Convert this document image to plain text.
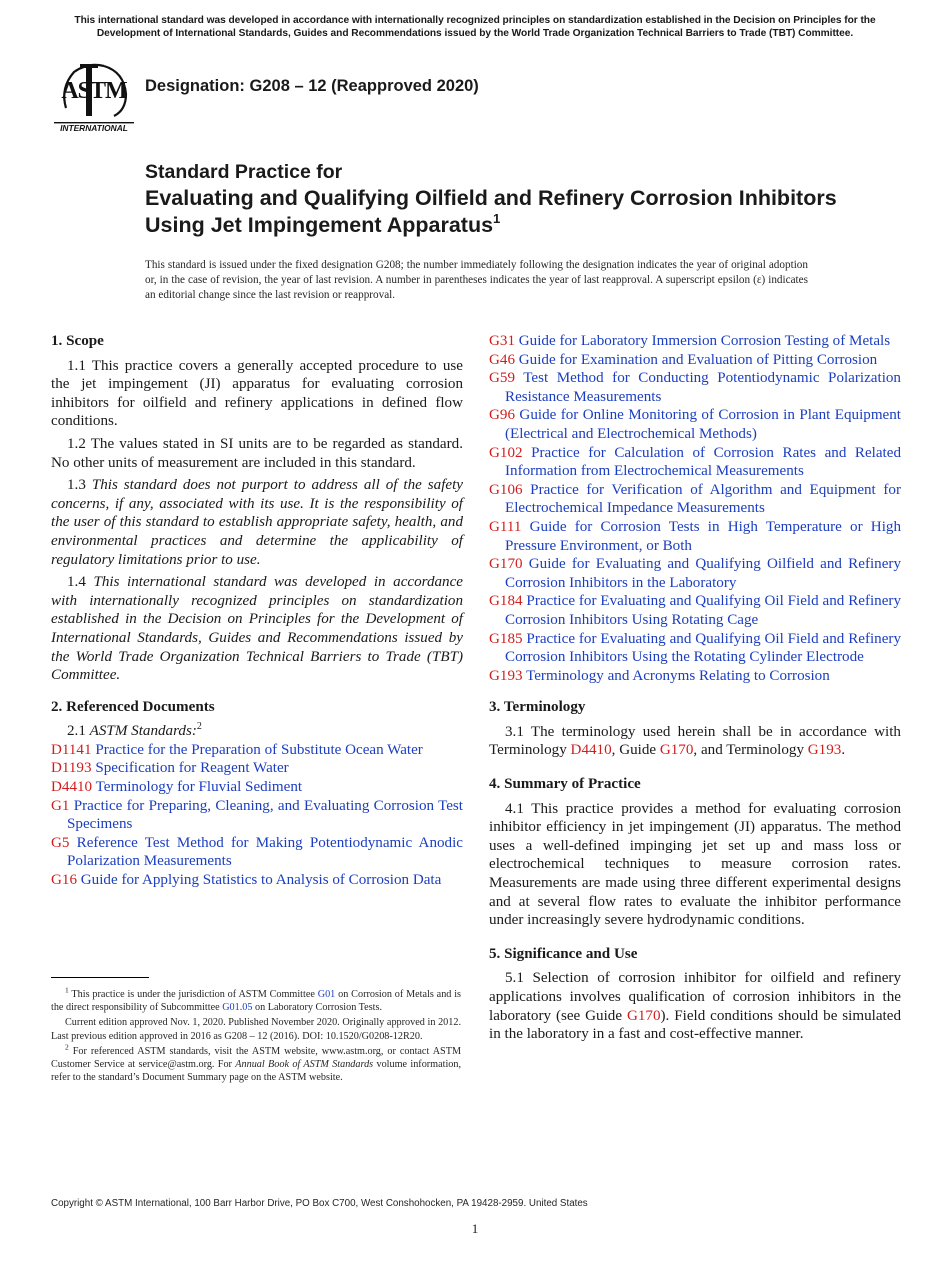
This international standard was developed in accordance with internationally recognized principles on standardization established in the Decision on Principles for the Development of International Standards, Guides and Recommendations issued by the World Trade Organization Technical Barriers to Trade (TBT) Committee.
ASTM
INTERNATIONAL
Designation: G208 – 12 (Reapproved 2020)
Standard Practice for
Evaluating and Qualifying Oilfield and Refinery Corrosion Inhibitors Using Jet Impingement Apparatus$^1$
This standard is issued under the fixed designation G208; the number immediately following the designation indicates the year of original adoption or, in the case of revision, the year of last revision. A number in parentheses indicates the year of last reapproval. A superscript epsilon (ε) indicates an editorial change since the last revision or reapproval.
1. Scope

1.1 This practice covers a generally accepted procedure to use the jet impingement (JI) apparatus for evaluating corrosion inhibitors for oilfield and refinery applications in defined flow conditions.

1.2 The values stated in SI units are to be regarded as standard. No other units of measurement are included in this standard.

1.3 This standard does not purport to address all of the safety concerns, if any, associated with its use. It is the responsibility of the user of this standard to establish appropriate safety, health, and environmental practices and determine the applicability of regulatory limitations prior to use.

1.4 This international standard was developed in accordance with internationally recognized principles on standardization established in the Decision on Principles for the Development of International Standards, Guides and Recommendations issued by the World Trade Organization Technical Barriers to Trade (TBT) Committee.

2. Referenced Documents

2.1 ASTM Standards:$^2$

D1141 Practice for the Preparation of Substitute Ocean Water

D1193 Specification for Reagent Water

D4410 Terminology for Fluvial Sediment

G1 Practice for Preparing, Cleaning, and Evaluating Corrosion Test Specimens

G5 Reference Test Method for Making Potentiodynamic Anodic Polarization Measurements

G16 Guide for Applying Statistics to Analysis of Corrosion Data

$^1$ This practice is under the jurisdiction of ASTM Committee G01 on Corrosion of Metals and is the direct responsibility of Subcommittee G01.05 on Laboratory Corrosion Tests.

Current edition approved Nov. 1, 2020. Published November 2020. Originally approved in 2012. Last previous edition approved in 2016 as G208 – 12 (2016). DOI: 10.1520/G0208-12R20.

$^2$ For referenced ASTM standards, visit the ASTM website, www.astm.org, or contact ASTM Customer Service at service@astm.org. For Annual Book of ASTM Standards volume information, refer to the standard’s Document Summary page on the ASTM website.

G31 Guide for Laboratory Immersion Corrosion Testing of Metals

G46 Guide for Examination and Evaluation of Pitting Corrosion

G59 Test Method for Conducting Potentiodynamic Polarization Resistance Measurements

G96 Guide for Online Monitoring of Corrosion in Plant Equipment (Electrical and Electrochemical Methods)

G102 Practice for Calculation of Corrosion Rates and Related Information from Electrochemical Measurements

G106 Practice for Verification of Algorithm and Equipment for Electrochemical Impedance Measurements

G111 Guide for Corrosion Tests in High Temperature or High Pressure Environment, or Both

G170 Guide for Evaluating and Qualifying Oilfield and Refinery Corrosion Inhibitors in the Laboratory

G184 Practice for Evaluating and Qualifying Oil Field and Refinery Corrosion Inhibitors Using Rotating Cage

G185 Practice for Evaluating and Qualifying Oil Field and Refinery Corrosion Inhibitors Using the Rotating Cylinder Electrode

G193 Terminology and Acronyms Relating to Corrosion

3. Terminology

3.1 The terminology used herein shall be in accordance with Terminology D4410, Guide G170, and Terminology G193.

4. Summary of Practice

4.1 This practice provides a method for evaluating corrosion inhibitor efficiency in jet impingement (JI) apparatus. The method uses a well-defined impinging jet set up and mass loss or electrochemical techniques to measure corrosion rates. Measurements are made using three different experimental designs and at several flow rates to evaluate the inhibitor performance under increasingly severe hydrodynamic conditions.

5. Significance and Use

5.1 Selection of corrosion inhibitor for oilfield and refinery applications involves qualification of corrosion inhibitors in the laboratory (see Guide G170). Field conditions should be simulated in the laboratory in a fast and cost-effective manner.

Copyright © ASTM International, 100 Barr Harbor Drive, PO Box C700, West Conshohocken, PA 19428-2959. United States
1
